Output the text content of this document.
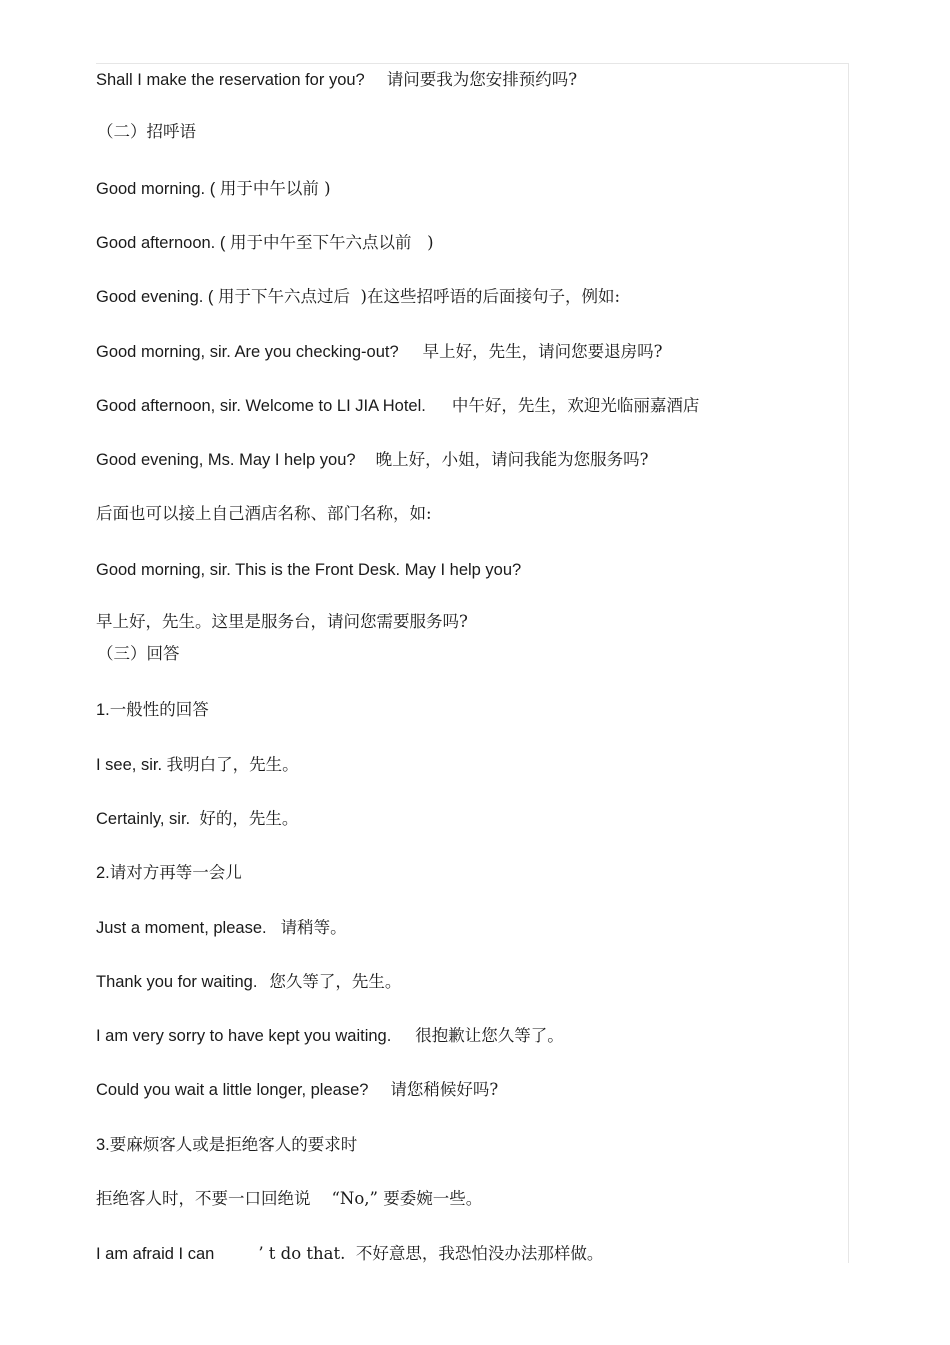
Shall I make the reservation for you? 请问要我为您安排预约吗?
（二）招呼语
Good morning. ( 用于中午以前 )
Good afternoon. ( 用于中午至下午六点以前   )
Good evening. ( 用于下午六点过后  )在这些招呼语的后面接句子，例如:
Good morning, sir. Are you checking-out? 早上好，先生，请问您要退房吗?
Good afternoon, sir. Welcome to LI JIA Hotel. 中午好，先生，欢迎光临丽嘉酒店
Good evening, Ms. May I help you? 晚上好，小姐，请问我能为您服务吗?
后面也可以接上自己酒店名称、部门名称，如:
Good morning, sir. This is the Front Desk. May I help you?
早上好，先生。这里是服务台，请问您需要服务吗?
（三）回答
1.一般性的回答
I see, sir. 我明白了，先生。
Certainly, sir. 好的，先生。
2.请对方再等一会儿
Just a moment, please. 请稍等。
Thank you for waiting. 您久等了，先生。
I am very sorry to have kept you waiting. 很抱歉让您久等了。
Could you wait a little longer, please? 请您稍候好吗?
3.要麻烦客人或是拒绝客人的要求时
拒绝客人时，不要一口回绝说    “No,” 要委婉一些。
I am afraid I can	’ t do that.  不好意思，我恐怕没办法那样做。
